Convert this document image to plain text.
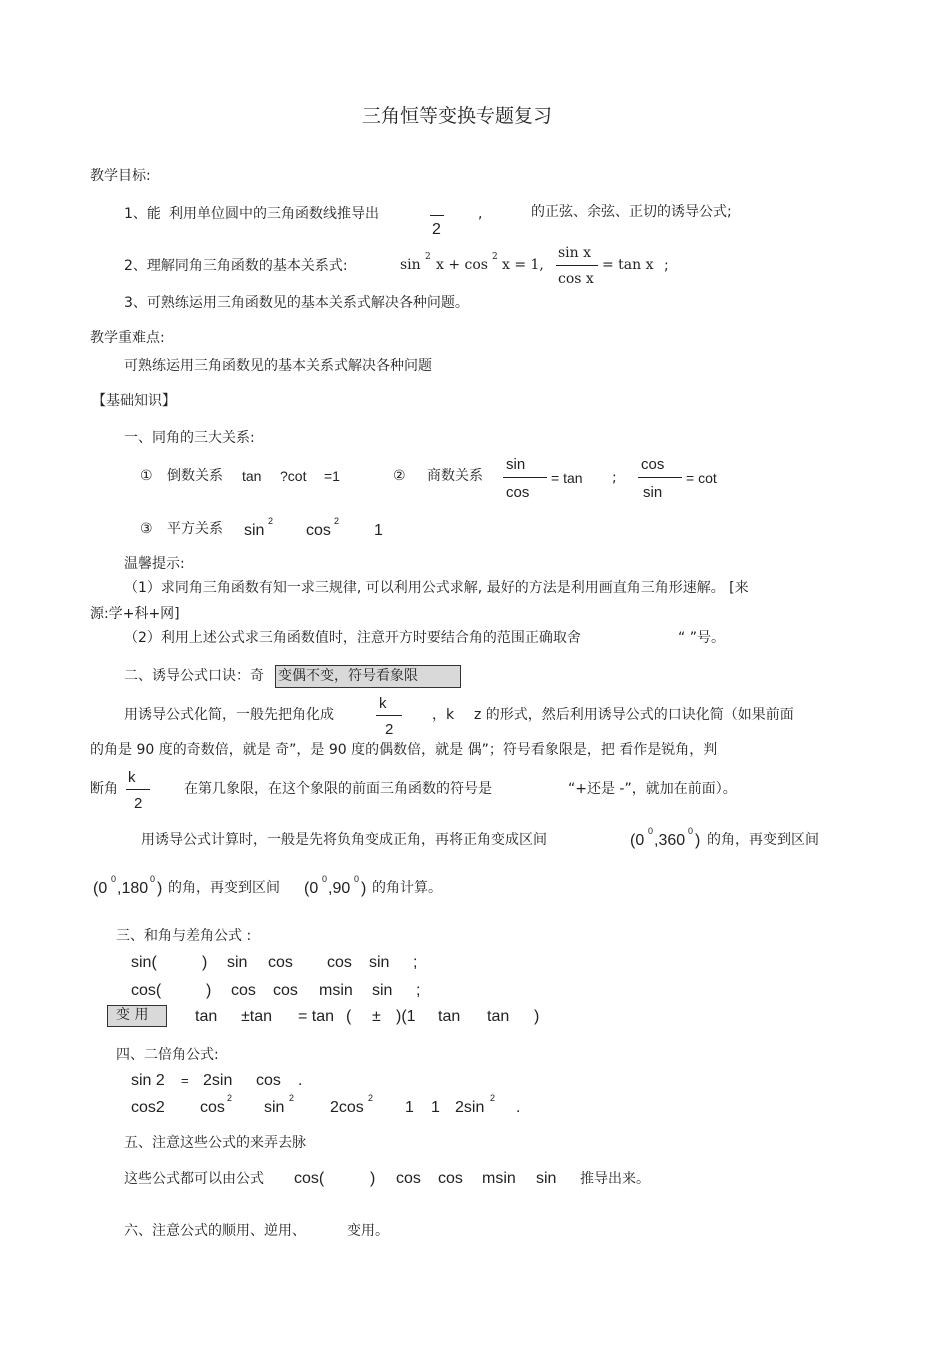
三角恒等变换专题复习
教学目标:
1、能 利用单位圆中的三角函数线推导出
2
,	的正弦、余弦、正切的诱导公式;
2、理解同角三角函数的基本关系式:	sin 2 x + cos 2 x = 1,
sin x
cos x
= tan x ;
3、可熟练运用三角函数见的基本关系式解决各种问题。
教学重难点:
可熟练运用三角函数见的基本关系式解决各种问题
【基础知识】
一、同角的三大关系:
① 倒数关系 tan ?cot =1	② 商数关系
sin
cos
= tan ;
cos
sin
= cot
③ 平方关系 sin
2
cos
2
1
温馨提示:
（1）求同角三角函数有知一求三规律, 可以利用公式求解, 最好的方法是利用画直角三角形速解。 [来
源:学+科+网]
（2）利用上述公式求三角函数值时，注意开方时要结合角的范围正确取舍	“ ”号。
二、诱导公式口诀：奇 变偶不变，符号看象限
用诱导公式化简，一般先把角化成
k
2
，k z 的形式，然后利用诱导公式的口诀化简（如果前面
的角是 90 度的奇数倍，就是 奇”，是 90 度的偶数倍，就是 偶”；符号看象限是，把 看作是锐角，判
断角
k
2
在第几象限，在这个象限的前面三角函数的符号是	“+还是 -”，就加在前面）。
用诱导公式计算时，一般是先将负角变成正角，再将正角变成区间	(0
0
,360
0
) 的角，再变到区间
(0
0
,180
0
) 的角，再变到区间 (0
0
,90
0
) 的角计算。
三、和角与差角公式 :
sin(	) sin cos cos sin ;
cos(	) cos cos msin sin ;
变 用	tan ±tan = tan ( ± )(1 tan tan )
四、二倍角公式:
sin 2 = 2sin cos .
cos2 cos
2
sin
2
2cos
2
1 1 2sin
2
.
五、注意这些公式的来弄去脉
这些公式都可以由公式 cos(	) cos cos msin sin 推导出来。
六、注意公式的顺用、逆用、	变用。
